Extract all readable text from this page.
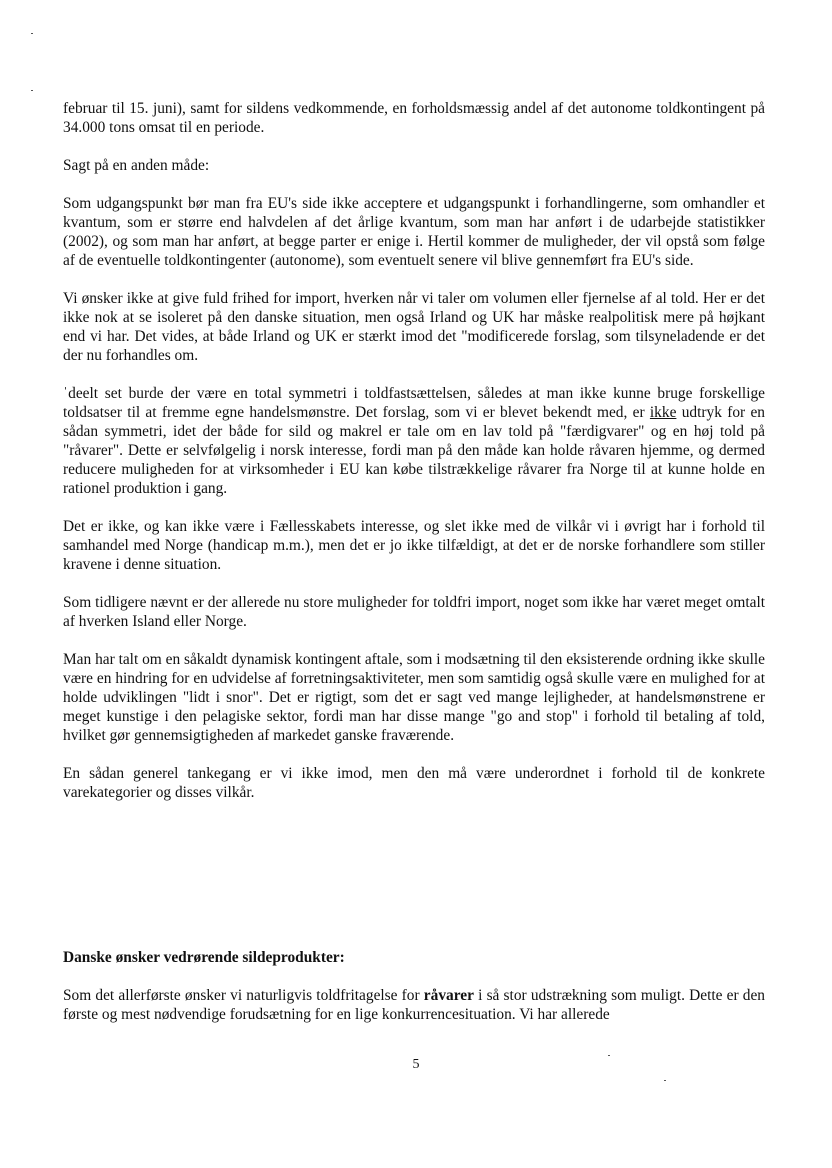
februar til 15. juni), samt for sildens vedkommende, en forholdsmæssig andel af det autonome toldkontingent på 34.000 tons omsat til en periode.

Sagt på en anden måde:

Som udgangspunkt bør man fra EU's side ikke acceptere et udgangspunkt i forhandlingerne, som omhandler et kvantum, som er større end halvdelen af det årlige kvantum, som man har anført i de udarbejde statistikker (2002), og som man har anført, at begge parter er enige i. Hertil kommer de muligheder, der vil opstå som følge af de eventuelle toldkontingenter (autonome), som eventuelt senere vil blive gennemført fra EU's side.

Vi ønsker ikke at give fuld frihed for import, hverken når vi taler om volumen eller fjernelse af al told. Her er det ikke nok at se isoleret på den danske situation, men også Irland og UK har måske realpolitisk mere på højkant end vi har. Det vides, at både Irland og UK er stærkt imod det "modificerede forslag, som tilsyneladende er det der nu forhandles om.

ˈdeelt set burde der være en total symmetri i toldfastsættelsen, således at man ikke kunne bruge forskellige toldsatser til at fremme egne handelsmønstre. Det forslag, som vi er blevet bekendt med, er ikke udtryk for en sådan symmetri, idet der både for sild og makrel er tale om en lav told på "færdigvarer" og en høj told på "råvarer". Dette er selvfølgelig i norsk interesse, fordi man på den måde kan holde råvaren hjemme, og dermed reducere muligheden for at virksomheder i EU kan købe tilstrækkelige råvarer fra Norge til at kunne holde en rationel produktion i gang.

Det er ikke, og kan ikke være i Fællesskabets interesse, og slet ikke med de vilkår vi i øvrigt har i forhold til samhandel med Norge (handicap m.m.), men det er jo ikke tilfældigt, at det er de norske forhandlere som stiller kravene i denne situation.

Som tidligere nævnt er der allerede nu store muligheder for toldfri import, noget som ikke har været meget omtalt af hverken Island eller Norge.

Man har talt om en såkaldt dynamisk kontingent aftale, som i modsætning til den eksisterende ordning ikke skulle være en hindring for en udvidelse af forretningsaktiviteter, men som samtidig også skulle være en mulighed for at holde udviklingen "lidt i snor". Det er rigtigt, som det er sagt ved mange lejligheder, at handelsmønstrene er meget kunstige i den pelagiske sektor, fordi man har disse mange "go and stop" i forhold til betaling af told, hvilket gør gennemsigtigheden af markedet ganske fraværende.

En sådan generel tankegang er vi ikke imod, men den må være underordnet i forhold til de konkrete varekategorier og disses vilkår.

Danske ønsker vedrørende sildeprodukter:

Som det allerførste ønsker vi naturligvis toldfritagelse for råvarer i så stor udstrækning som muligt. Dette er den første og mest nødvendige forudsætning for en lige konkurrencesituation. Vi har allerede

5
